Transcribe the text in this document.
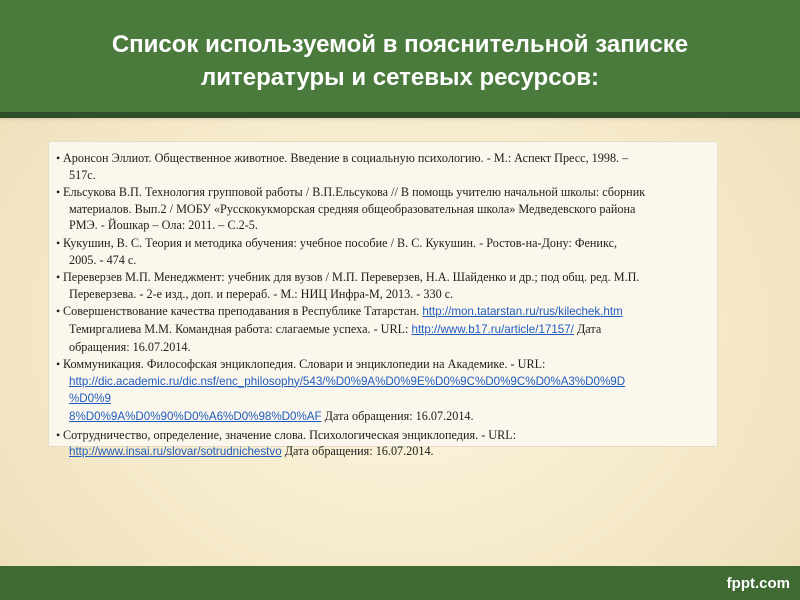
Список используемой в пояснительной записке
литературы и сетевых ресурсов:
• Аронсон Эллиот. Общественное животное. Введение в социальную психологию. - М.: Аспект Пресс, 1998. –
517с.
• Ельсукова В.П. Технология групповой работы / В.П.Ельсукова // В помощь учителю начальной школы: сборник
материалов. Вып.2 / МОБУ «Русскокукморская средняя общеобразовательная школа» Медведевского района
РМЭ. - Йошкар – Ола: 2011. – С.2-5.
• Кукушин, В. С. Теория и методика обучения: учебное пособие / В. С. Кукушин. - Ростов-на-Дону: Феникс,
2005. - 474 с.
• Переверзев М.П. Менеджмент: учебник для вузов / М.П. Переверзев, Н.А. Шайденко и др.; под общ. ред. М.П.
Переверзева. - 2-е изд., доп. и перераб. - М.: НИЦ Инфра-М, 2013. - 330 с.
• Совершенствование качества преподавания в Республике Татарстан. http://mon.tatarstan.ru/rus/kilechek.htm
Темиргалиева М.М. Командная работа: слагаемые успеха. - URL: http://www.b17.ru/article/17157/ Дата
обращения: 16.07.2014.
• Коммуникация. Философская энциклопедия. Словари и энциклопедии на Академике. - URL:
http://dic.academic.ru/dic.nsf/enc_philosophy/543/%D0%9A%D0%9E%D0%9C%D0%9C%D0%A3%D0%9D
%D0%9
8%D0%9A%D0%90%D0%A6%D0%98%D0%AF Дата обращения: 16.07.2014.
• Сотрудничество, определение, значение слова. Психологическая энциклопедия. - URL:
http://www.insai.ru/slovar/sotrudnichestvo Дата обращения: 16.07.2014.
fppt.com
